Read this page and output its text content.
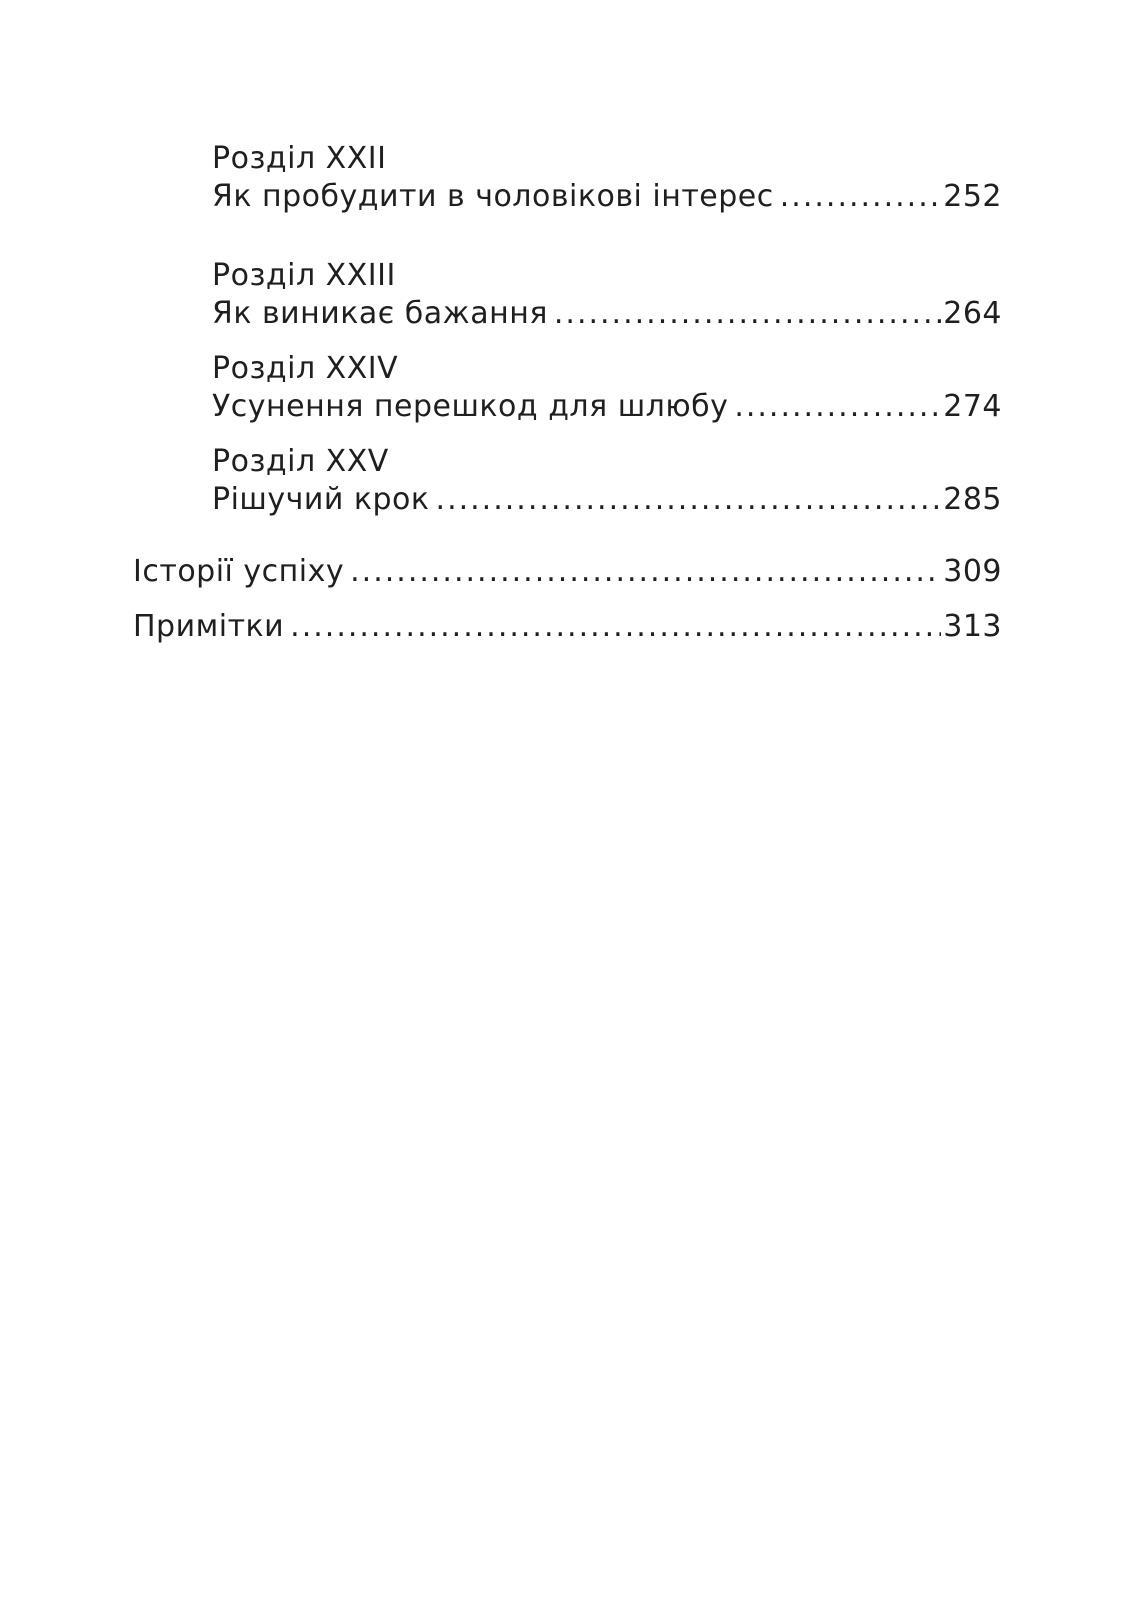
Розділ XXII
Як пробудити в чоловікові інтерес .....	252
Розділ XXIII
Як виникає бажання .....	264
Розділ XXIV
Усунення перешкод для шлюбу .....	274
Розділ XXV
Рішучий крок .....	285
Історії успіху .....	309
Примітки .....	313
